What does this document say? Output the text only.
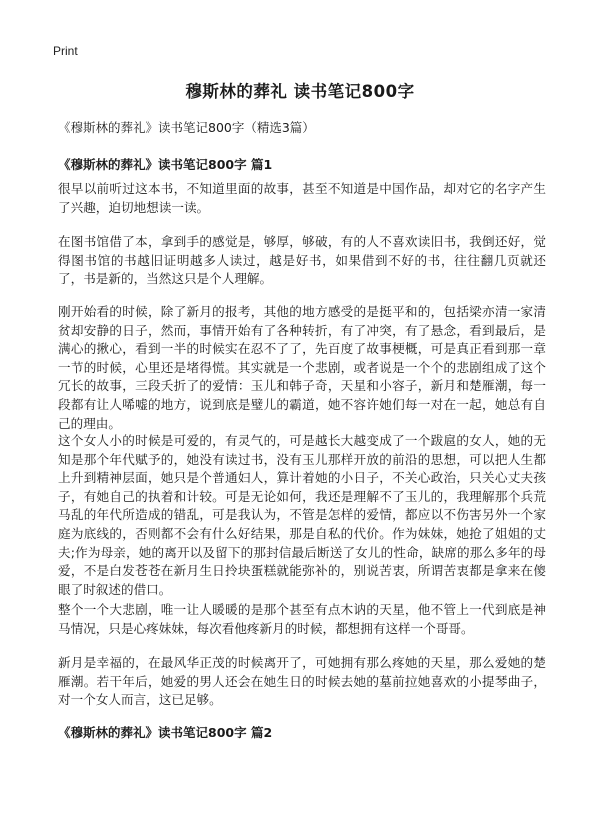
Print
穆斯林的葬礼 读书笔记800字
《穆斯林的葬礼》读书笔记800字（精选3篇）
《穆斯林的葬礼》读书笔记800字 篇1

很早以前听过这本书，不知道里面的故事，甚至不知道是中国作品，却对它的名字产生了兴趣，迫切地想读一读。

在图书馆借了本，拿到手的感觉是，够厚，够破，有的人不喜欢读旧书，我倒还好，觉得图书馆的书越旧证明越多人读过，越是好书，如果借到不好的书，往往翻几页就还了，书是新的，当然这只是个人理解。

刚开始看的时候，除了新月的报考，其他的地方感受的是挺平和的，包括梁亦清一家清贫却安静的日子，然而，事情开始有了各种转折，有了冲突，有了悬念，看到最后，是满心的揪心，看到一半的时候实在忍不了了，先百度了故事梗概，可是真正看到那一章一节的时候，心里还是堵得慌。其实就是一个悲剧，或者说是一个个的悲剧组成了这个冗长的故事，三段夭折了的爱情：玉儿和韩子奇，天星和小容子，新月和楚雁潮，每一段都有让人唏嘘的地方，说到底是璧儿的霸道，她不容许她们每一对在一起，她总有自己的理由。

这个女人小的时候是可爱的，有灵气的，可是越长大越变成了一个跋扈的女人，她的无知是那个年代赋予的，她没有读过书，没有玉儿那样开放的前沿的思想，可以把人生都上升到精神层面，她只是个普通妇人，算计着她的小日子，不关心政治，只关心丈夫孩子，有她自己的执着和计较。可是无论如何，我还是理解不了玉儿的，我理解那个兵荒马乱的年代所造成的错乱，可是我认为，不管是怎样的爱情，都应以不伤害另外一个家庭为底线的，否则都不会有什么好结果，那是自私的代价。作为妹妹，她抢了姐姐的丈夫;作为母亲，她的离开以及留下的那封信最后断送了女儿的性命，缺席的那么多年的母爱，不是白发苍苍在新月生日拎块蛋糕就能弥补的，别说苦衷，所谓苦衷都是拿来在傻眼了时叙述的借口。

整个一个大悲剧，唯一让人暖暖的是那个甚至有点木讷的天星，他不管上一代到底是神马情况，只是心疼妹妹，每次看他疼新月的时候，都想拥有这样一个哥哥。

新月是幸福的，在最风华正茂的时候离开了，可她拥有那么疼她的天星，那么爱她的楚雁潮。若干年后，她爱的男人还会在她生日的时候去她的墓前拉她喜欢的小提琴曲子，对一个女人而言，这已足够。

《穆斯林的葬礼》读书笔记800字 篇2
